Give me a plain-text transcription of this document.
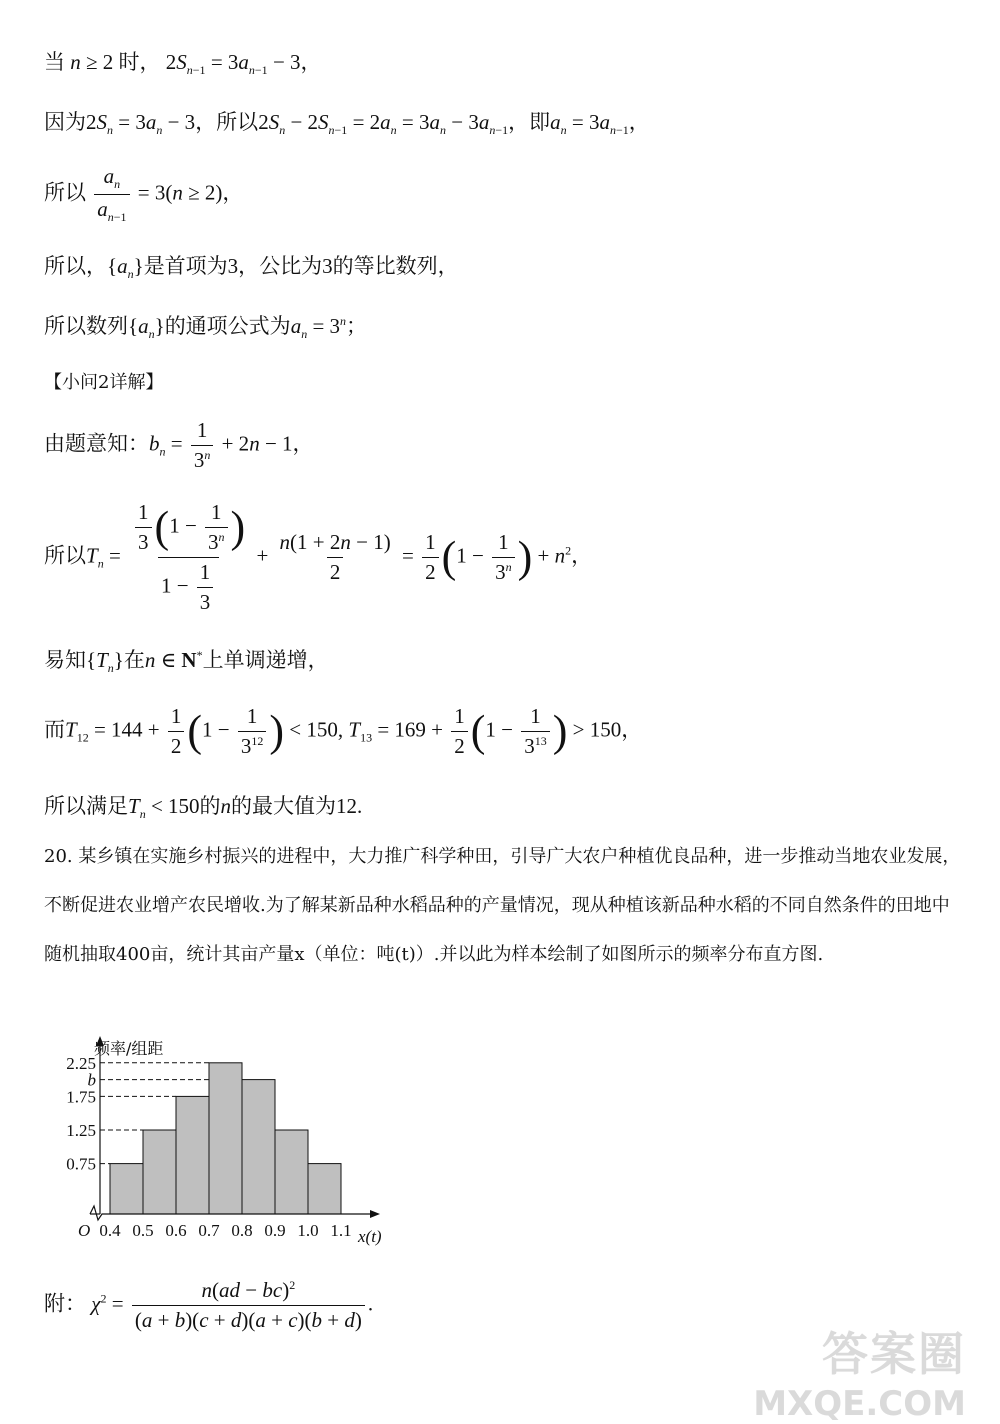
当 n ≥ 2 时， $2S_{n-1} = 3a_{n-1} - 3$，
因为$2S_n = 3a_n - 3$，所以$2S_n - 2S_{n-1} = 2a_n = 3a_n - 3a_{n-1}$，即$a_n = 3a_{n-1}$，
所以 $\frac{a_n}{a_{n-1}} = 3(n \ge 2)$，
所以，$\{a_n\}$是首项为3，公比为3的等比数列，
所以数列$\{a_n\}$的通项公式为$a_n = 3^n$；
【小问2详解】
由题意知：$b_n = \frac{1}{3^n} + 2n - 1$，
所以$T_n = \frac{\frac{1}{3} (1 - \frac{1}{3^n} )}{1 - \frac{1}{3}} + \frac{n(1 + 2n - 1)}{2} = \frac{1}{2} (1 - \frac{1}{3^n}$ ) + $n^2$，
易知$\{T_n\}$在n ∈ N*上单调递增，
而$T_{12} = 144 + \frac{1}{2} (1 - \frac{1}{3^{12}}$ ) < 150, $T_{13} = 169 + \frac{1}{2} (1 - \frac{1}{3^{13}}$ ) > 150，
所以满足$T_n < 150$的n的最大值为12.
20. 某乡镇在实施乡村振兴的进程中，大力推广科学种田，引导广大农户种植优良品种，进一步推动当地农业发展，不断促进农业增产农民增收.为了解某新品种水稻品种的产量情况，现从种植该新品种水稻的不同自然条件的田地中随机抽取400亩，统计其亩产量x（单位：吨(t)）.并以此为样本绘制了如图所示的频率分布直方图.
0.75
1.25
1.75
b
2.25
频率/组距
0.4 0.5 0.6 0.7 0.8 0.9 1.0 1.1
O	x(t)
附： $\chi^2 = \frac{n(ad - bc)^2}{(a + b)(c + d)(a + c)(b + d)}$ .
答案圈
MXQE.COM
